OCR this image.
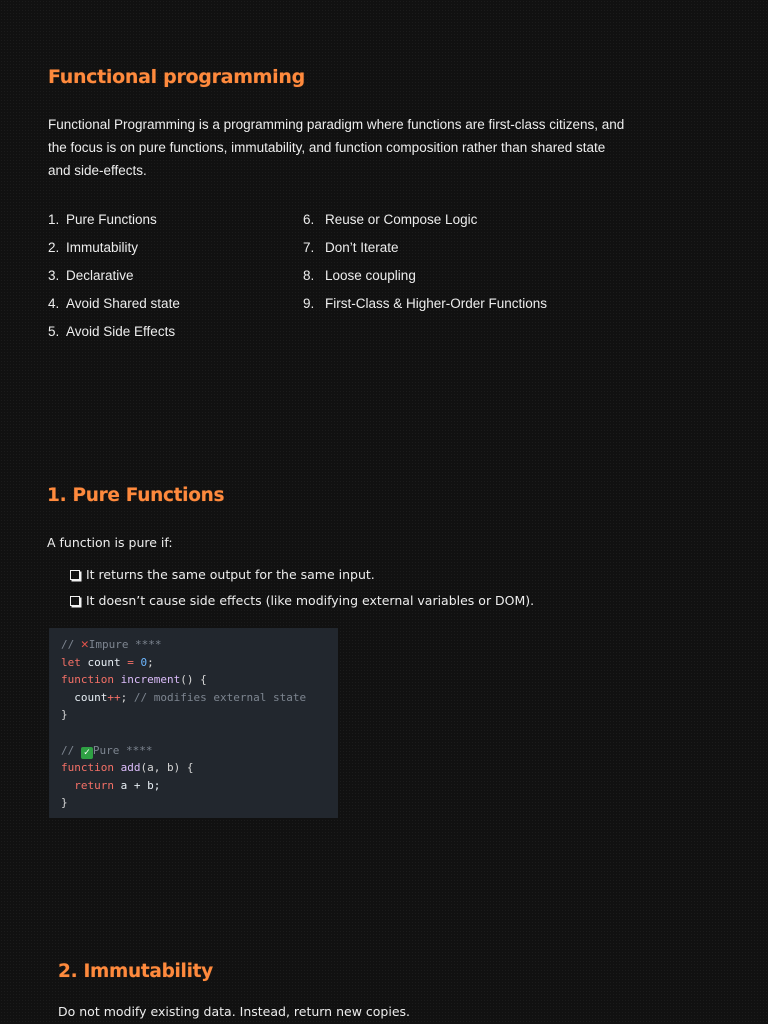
Functional programming

Functional Programming is a programming paradigm where functions are first-class citizens, and the focus is on pure functions, immutability, and function composition rather than shared state and side-effects.

1. Pure Functions
2. Immutability
3. Declarative
4. Avoid Shared state
5. Avoid Side Effects
6. Reuse or Compose Logic
7. Don’t Iterate
8. Loose coupling
9. First-Class & Higher-Order Functions
1. Pure Functions

A function is pure if:

It returns the same output for the same input.
It doesn’t cause side effects (like modifying external variables or DOM).
// ✕Impure ****
let count = 0;
function increment() {
count++; // modifies external state
}

// ✓ Pure ****
function add(a, b) {
return a + b;
}
2. Immutability

Do not modify existing data. Instead, return new copies.
